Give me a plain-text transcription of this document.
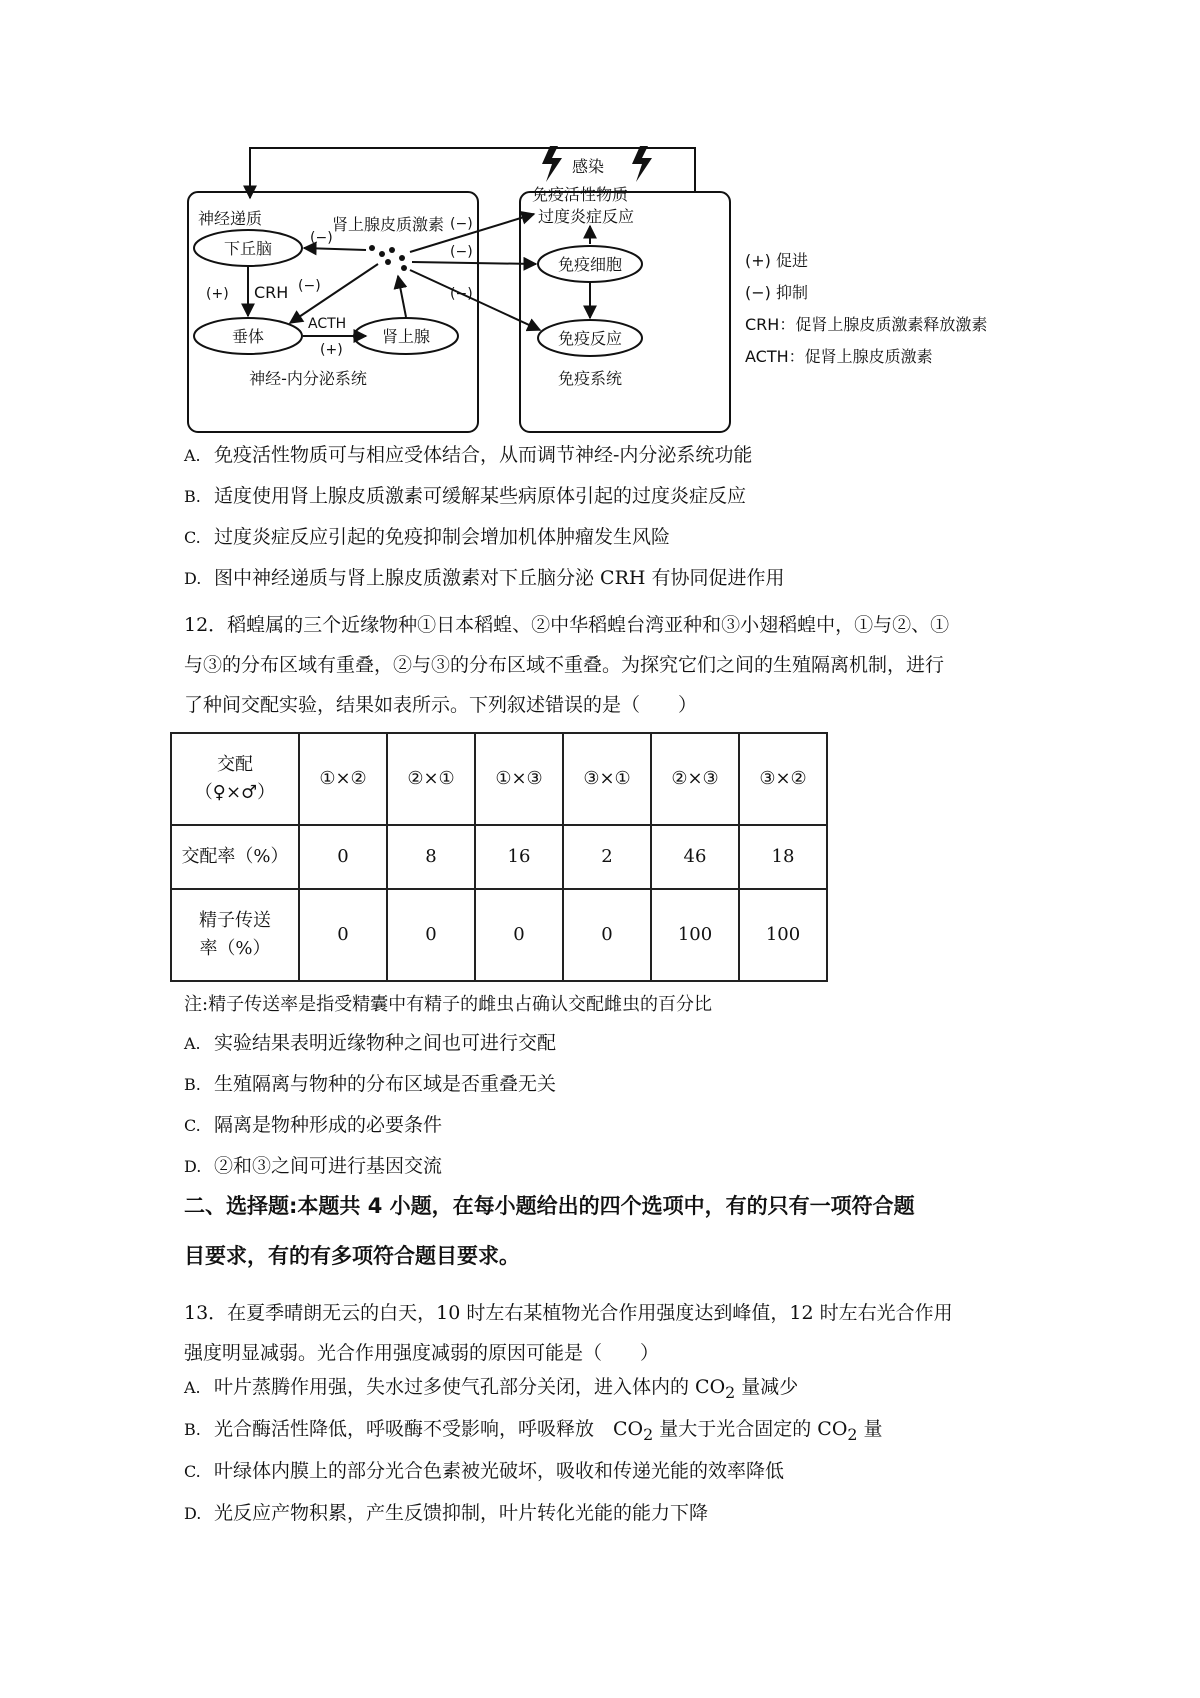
感染
神经递质
下丘脑
(+) CRH
垂体
ACTH
(+)
肾上腺
肾上腺皮质激素
(−)
(−)
免疫活性物质
过度炎症反应
免疫细胞
免疫反应
(−)
(−)
(−)
神经-内分泌系统	免疫系统
(+) 促进
(−) 抑制
CRH：促肾上腺皮质激素释放激素
ACTH：促肾上腺皮质激素
A. 免疫活性物质可与相应受体结合，从而调节神经-内分泌系统功能
B. 适度使用肾上腺皮质激素可缓解某些病原体引起的过度炎症反应
C. 过度炎症反应引起的免疫抑制会增加机体肿瘤发生风险
D. 图中神经递质与肾上腺皮质激素对下丘脑分泌 CRH 有协同促进作用
12．稻蝗属的三个近缘物种①日本稻蝗、②中华稻蝗台湾亚种和③小翅稻蝗中，①与②、①
与③的分布区域有重叠，②与③的分布区域不重叠。为探究它们之间的生殖隔离机制，进行
了种间交配实验，结果如表所示。下列叙述错误的是（　　）
交配
（♀×♂）	①×②	②×①	①×③	③×①	②×③	③×②
交配率（%）	0	8	16	2	46	18

精子传送
率（%）	0	0	0	0	100	100
注:精子传送率是指受精囊中有精子的雌虫占确认交配雌虫的百分比
A. 实验结果表明近缘物种之间也可进行交配
B. 生殖隔离与物种的分布区域是否重叠无关
C. 隔离是物种形成的必要条件
D. ②和③之间可进行基因交流
二、选择题:本题共 4 小题，在每小题给出的四个选项中，有的只有一项符合题
目要求，有的有多项符合题目要求。
13．在夏季晴朗无云的白天，10 时左右某植物光合作用强度达到峰值，12 时左右光合作用
强度明显减弱。光合作用强度减弱的原因可能是（　　）
A. 叶片蒸腾作用强，失水过多使气孔部分关闭，进入体内的 $CO_2$ 量减少
B. 光合酶活性降低，呼吸酶不受影响，呼吸释放　$CO_2$ 量大于光合固定的 $CO_2$ 量
C. 叶绿体内膜上的部分光合色素被光破坏，吸收和传递光能的效率降低
D. 光反应产物积累，产生反馈抑制，叶片转化光能的能力下降
